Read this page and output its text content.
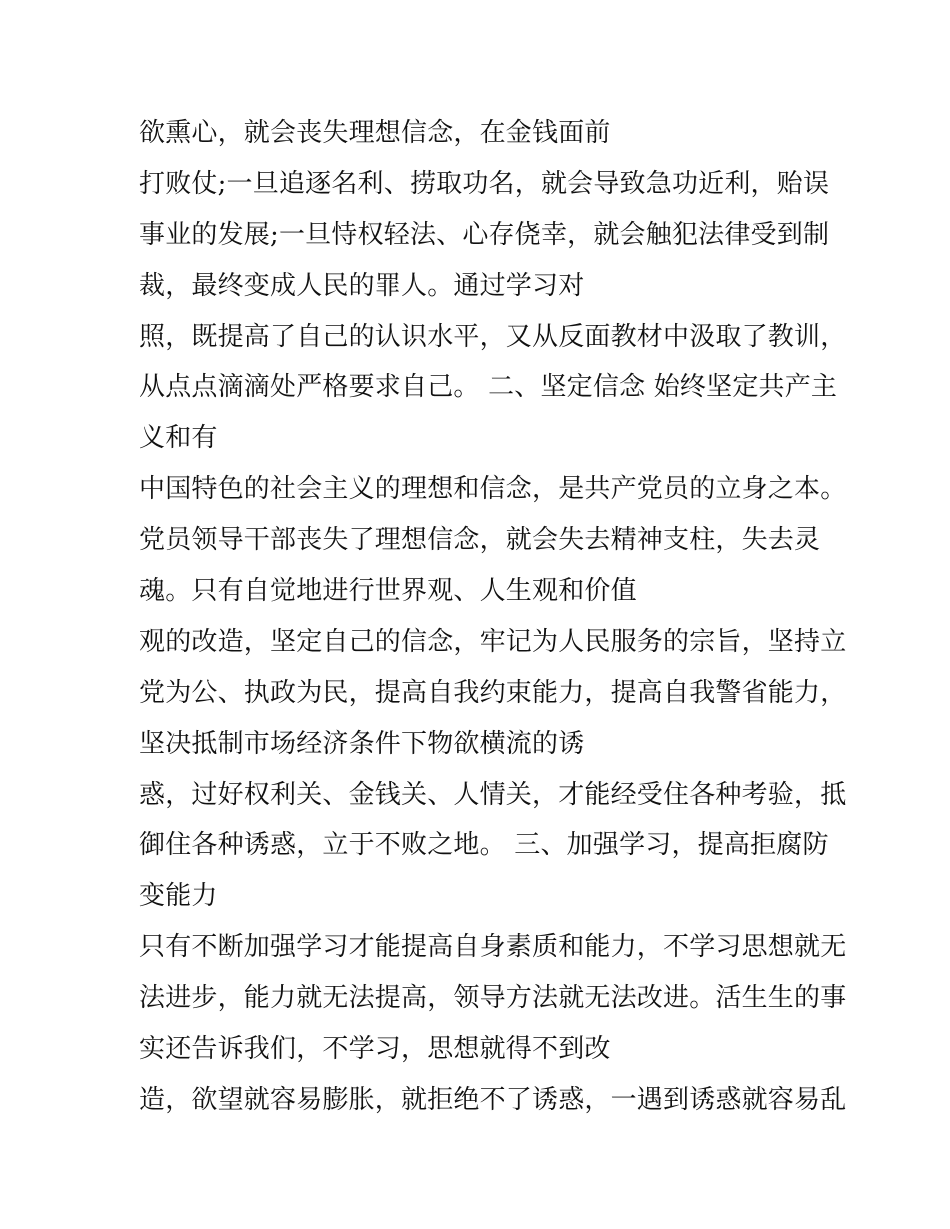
欲熏心，就会丧失理想信念，在金钱面前
打败仗;一旦追逐名利、捞取功名，就会导致急功近利，贻误
事业的发展;一旦恃权轻法、心存侥幸，就会触犯法律受到制
裁，最终变成人民的罪人。通过学习对
照，既提高了自己的认识水平，又从反面教材中汲取了教训，
从点点滴滴处严格要求自己。 二、坚定信念 始终坚定共产主
义和有
中国特色的社会主义的理想和信念，是共产党员的立身之本。
党员领导干部丧失了理想信念，就会失去精神支柱，失去灵
魂。只有自觉地进行世界观、人生观和价值
观的改造，坚定自己的信念，牢记为人民服务的宗旨，坚持立
党为公、执政为民，提高自我约束能力，提高自我警省能力，
坚决抵制市场经济条件下物欲横流的诱
惑，过好权利关、金钱关、人情关，才能经受住各种考验，抵
御住各种诱惑，立于不败之地。 三、加强学习，提高拒腐防
变能力
只有不断加强学习才能提高自身素质和能力，不学习思想就无
法进步，能力就无法提高，领导方法就无法改进。活生生的事
实还告诉我们，不学习，思想就得不到改
造，欲望就容易膨胀，就拒绝不了诱惑，一遇到诱惑就容易乱
